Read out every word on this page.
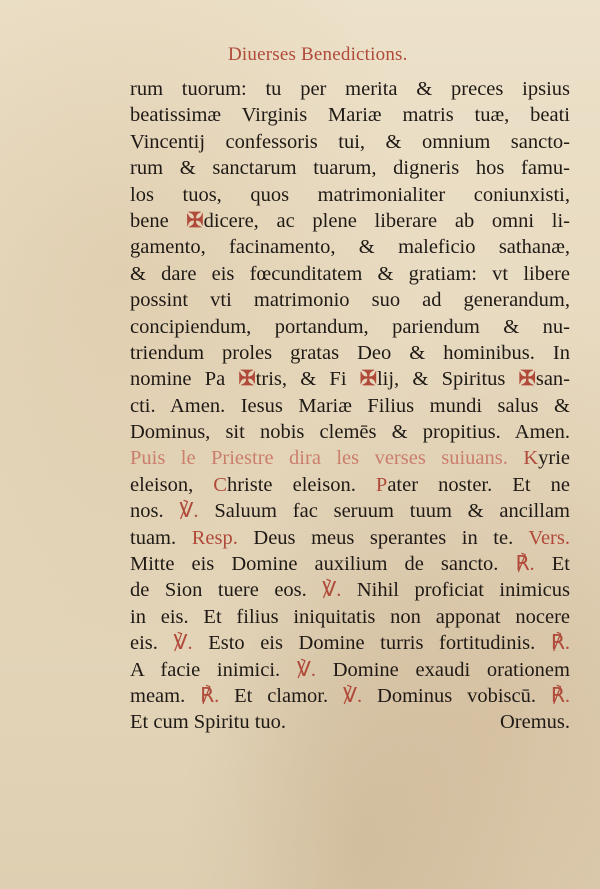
Diuerses Benedictions.
rum tuorum: tu per merita & preces ipsius
beatissimæ Virginis Mariæ matris tuæ, beati
Vincentij confessoris tui, & omnium sancto-
rum & sanctarum tuarum, digneris hos famu-
los tuos, quos matrimonialiter coniunxisti,
bene ✠dicere, ac plene liberare ab omni li-
gamento, facinamento, & maleficio sathanæ,
& dare eis fœcunditatem & gratiam: vt libere
possint vti matrimonio suo ad generandum,
concipiendum, portandum, pariendum & nu-
triendum proles gratas Deo & hominibus. In
nomine Pa ✠tris, & Fi ✠lij, & Spiritus ✠san-
cti. Amen. Iesus Mariæ Filius mundi salus &
Dominus, sit nobis clemēs & propitius. Amen.
Puis le Priestre dira les verses suiuans. Kyrie
eleison, Christe eleison. Pater noster. Et ne
nos. ℣. Saluum fac seruum tuum & ancillam
tuam. Resp. Deus meus sperantes in te. Vers.
Mitte eis Domine auxilium de sancto. ℟. Et
de Sion tuere eos. ℣. Nihil proficiat inimicus
in eis. Et filius iniquitatis non apponat nocere
eis. ℣. Esto eis Domine turris fortitudinis. ℟.
A facie inimici. ℣. Domine exaudi orationem
meam. ℟. Et clamor. ℣. Dominus vobiscū. ℟.
Et cum Spiritu tuo.	Oremus.
